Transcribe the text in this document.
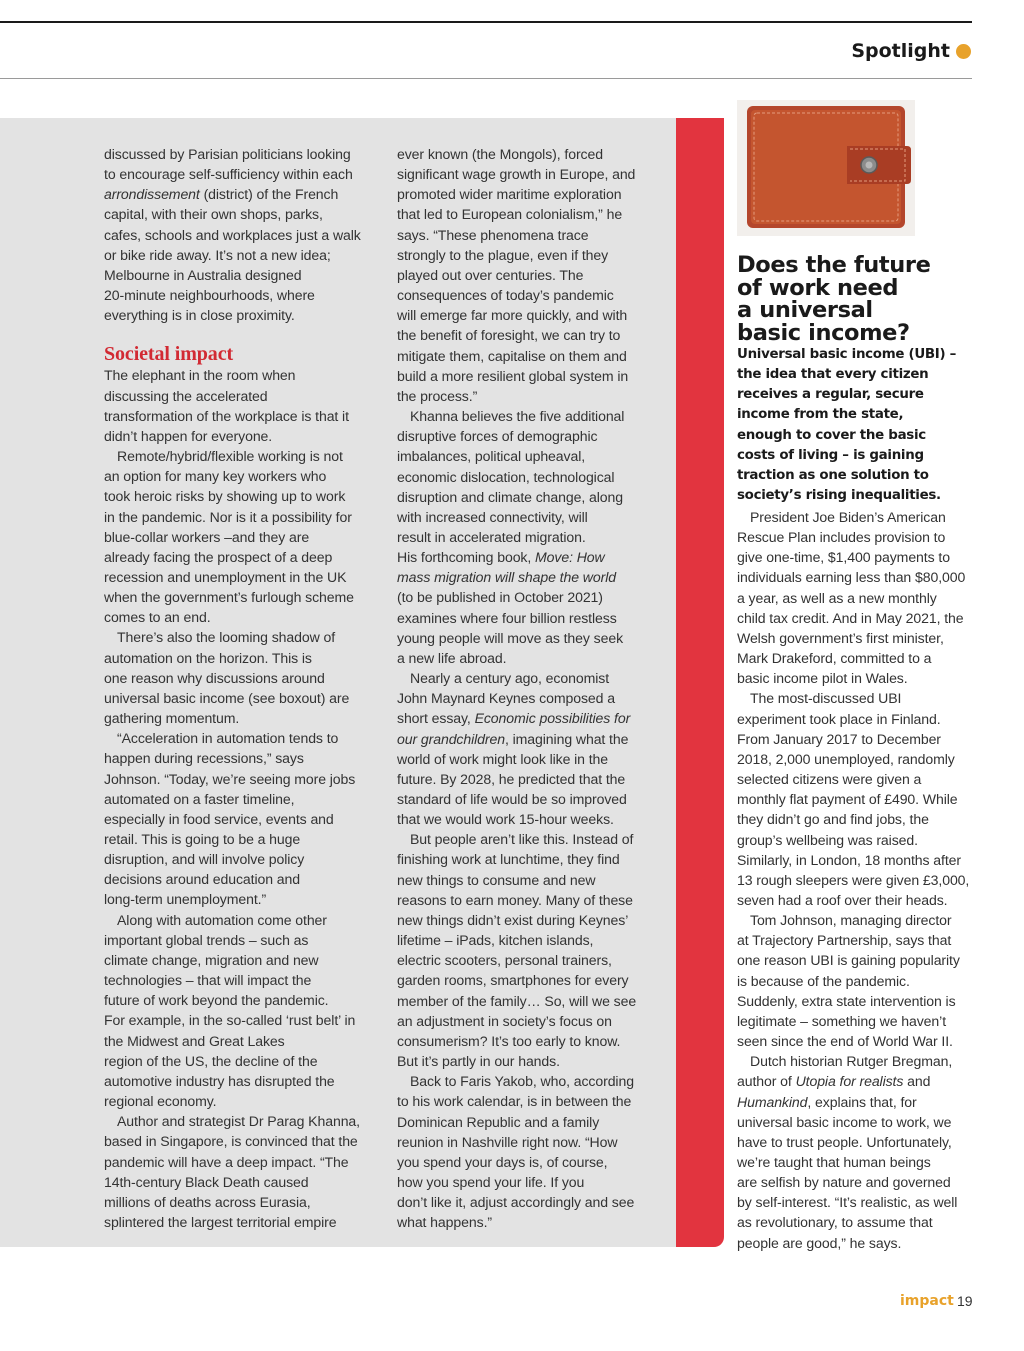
Spotlight

discussed by Parisian politicians looking

to encourage self-sufficiency within each

arrondissement (district) of the French

capital, with their own shops, parks,

cafes, schools and workplaces just a walk

or bike ride away. It’s not a new idea;

Melbourne in Australia designed

20-minute neighbourhoods, where

everything is in close proximity.

Societal impact

The elephant in the room when

discussing the accelerated

transformation of the workplace is that it

didn’t happen for everyone.

Remote/hybrid/flexible working is not

an option for many key workers who

took heroic risks by showing up to work

in the pandemic. Nor is it a possibility for

blue-collar workers –and they are

already facing the prospect of a deep

recession and unemployment in the UK

when the government’s furlough scheme

comes to an end.

There’s also the looming shadow of

automation on the horizon. This is

one reason why discussions around

universal basic income (see boxout) are

gathering momentum.

“Acceleration in automation tends to

happen during recessions,” says

Johnson. “Today, we’re seeing more jobs

automated on a faster timeline,

especially in food service, events and

retail. This is going to be a huge

disruption, and will involve policy

decisions around education and

long-term unemployment.”

Along with automation come other

important global trends – such as

climate change, migration and new

technologies – that will impact the

future of work beyond the pandemic.

For example, in the so-called ‘rust belt’ in

the Midwest and Great Lakes

region of the US, the decline of the

automotive industry has disrupted the

regional economy.

Author and strategist Dr Parag Khanna,

based in Singapore, is convinced that the

pandemic will have a deep impact. “The

14th-century Black Death caused

millions of deaths across Eurasia,

splintered the largest territorial empire

ever known (the Mongols), forced

significant wage growth in Europe, and

promoted wider maritime exploration

that led to European colonialism,” he

says. “These phenomena trace

strongly to the plague, even if they

played out over centuries. The

consequences of today’s pandemic

will emerge far more quickly, and with

the benefit of foresight, we can try to

mitigate them, capitalise on them and

build a more resilient global system in

the process.”

Khanna believes the five additional

disruptive forces of demographic

imbalances, political upheaval,

economic dislocation, technological

disruption and climate change, along

with increased connectivity, will

result in accelerated migration.

His forthcoming book, Move: How

mass migration will shape the world

(to be published in October 2021)

examines where four billion restless

young people will move as they seek

a new life abroad.

Nearly a century ago, economist

John Maynard Keynes composed a

short essay, Economic possibilities for

our grandchildren, imagining what the

world of work might look like in the

future. By 2028, he predicted that the

standard of life would be so improved

that we would work 15-hour weeks.

But people aren’t like this. Instead of

finishing work at lunchtime, they find

new things to consume and new

reasons to earn money. Many of these

new things didn’t exist during Keynes’

lifetime – iPads, kitchen islands,

electric scooters, personal trainers,

garden rooms, smartphones for every

member of the family… So, will we see

an adjustment in society’s focus on

consumerism? It’s too early to know.

But it’s partly in our hands.

Back to Faris Yakob, who, according

to his work calendar, is in between the

Dominican Republic and a family

reunion in Nashville right now. “How

you spend your days is, of course,

how you spend your life. If you

don’t like it, adjust accordingly and see

what happens.”

Does the future

of work need

a universal

basic income?

Universal basic income (UBI) –

the idea that every citizen

receives a regular, secure

income from the state,

enough to cover the basic

costs of living – is gaining

traction as one solution to

society’s rising inequalities.

President Joe Biden’s American

Rescue Plan includes provision to

give one-time, $1,400 payments to

individuals earning less than $80,000

a year, as well as a new monthly

child tax credit. And in May 2021, the

Welsh government’s first minister,

Mark Drakeford, committed to a

basic income pilot in Wales.

The most-discussed UBI

experiment took place in Finland.

From January 2017 to December

2018, 2,000 unemployed, randomly

selected citizens were given a

monthly flat payment of £490. While

they didn’t go and find jobs, the

group’s wellbeing was raised.

Similarly, in London, 18 months after

13 rough sleepers were given £3,000,

seven had a roof over their heads.

Tom Johnson, managing director

at Trajectory Partnership, says that

one reason UBI is gaining popularity

is because of the pandemic.

Suddenly, extra state intervention is

legitimate – something we haven’t

seen since the end of World War II.

Dutch historian Rutger Bregman,

author of Utopia for realists and

Humankind, explains that, for

universal basic income to work, we

have to trust people. Unfortunately,

we’re taught that human beings

are selfish by nature and governed

by self-interest. “It’s realistic, as well

as revolutionary, to assume that

people are good,” he says.

impact 19
